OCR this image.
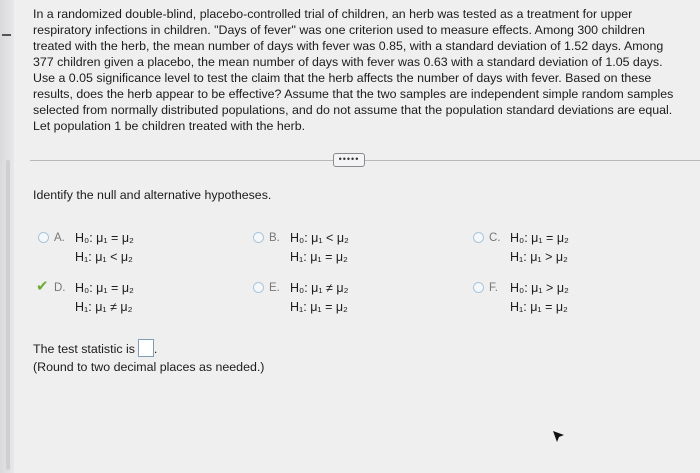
In a randomized double-blind, placebo-controlled trial of children, an herb was tested as a treatment for upper respiratory infections in children. "Days of fever" was one criterion used to measure effects. Among 300 children treated with the herb, the mean number of days with fever was 0.85, with a standard deviation of 1.52 days. Among 377 children given a placebo, the mean number of days with fever was 0.63 with a standard deviation of 1.05 days. Use a 0.05 significance level to test the claim that the herb affects the number of days with fever. Based on these results, does the herb appear to be effective? Assume that the two samples are independent simple random samples selected from normally distributed populations, and do not assume that the population standard deviations are equal. Let population 1 be children treated with the herb.
•••••
Identify the null and alternative hypotheses.
A. H₀: μ₁ = μ₂
H₁: μ₁ < μ₂
B. H₀: μ₁ < μ₂
H₁: μ₁ = μ₂
C. H₀: μ₁ = μ₂
H₁: μ₁ > μ₂
✔ D. H₀: μ₁ = μ₂
H₁: μ₁ ≠ μ₂
E. H₀: μ₁ ≠ μ₂
H₁: μ₁ = μ₂
F. H₀: μ₁ > μ₂
H₁: μ₁ = μ₂
The test statistic is .
(Round to two decimal places as needed.)
